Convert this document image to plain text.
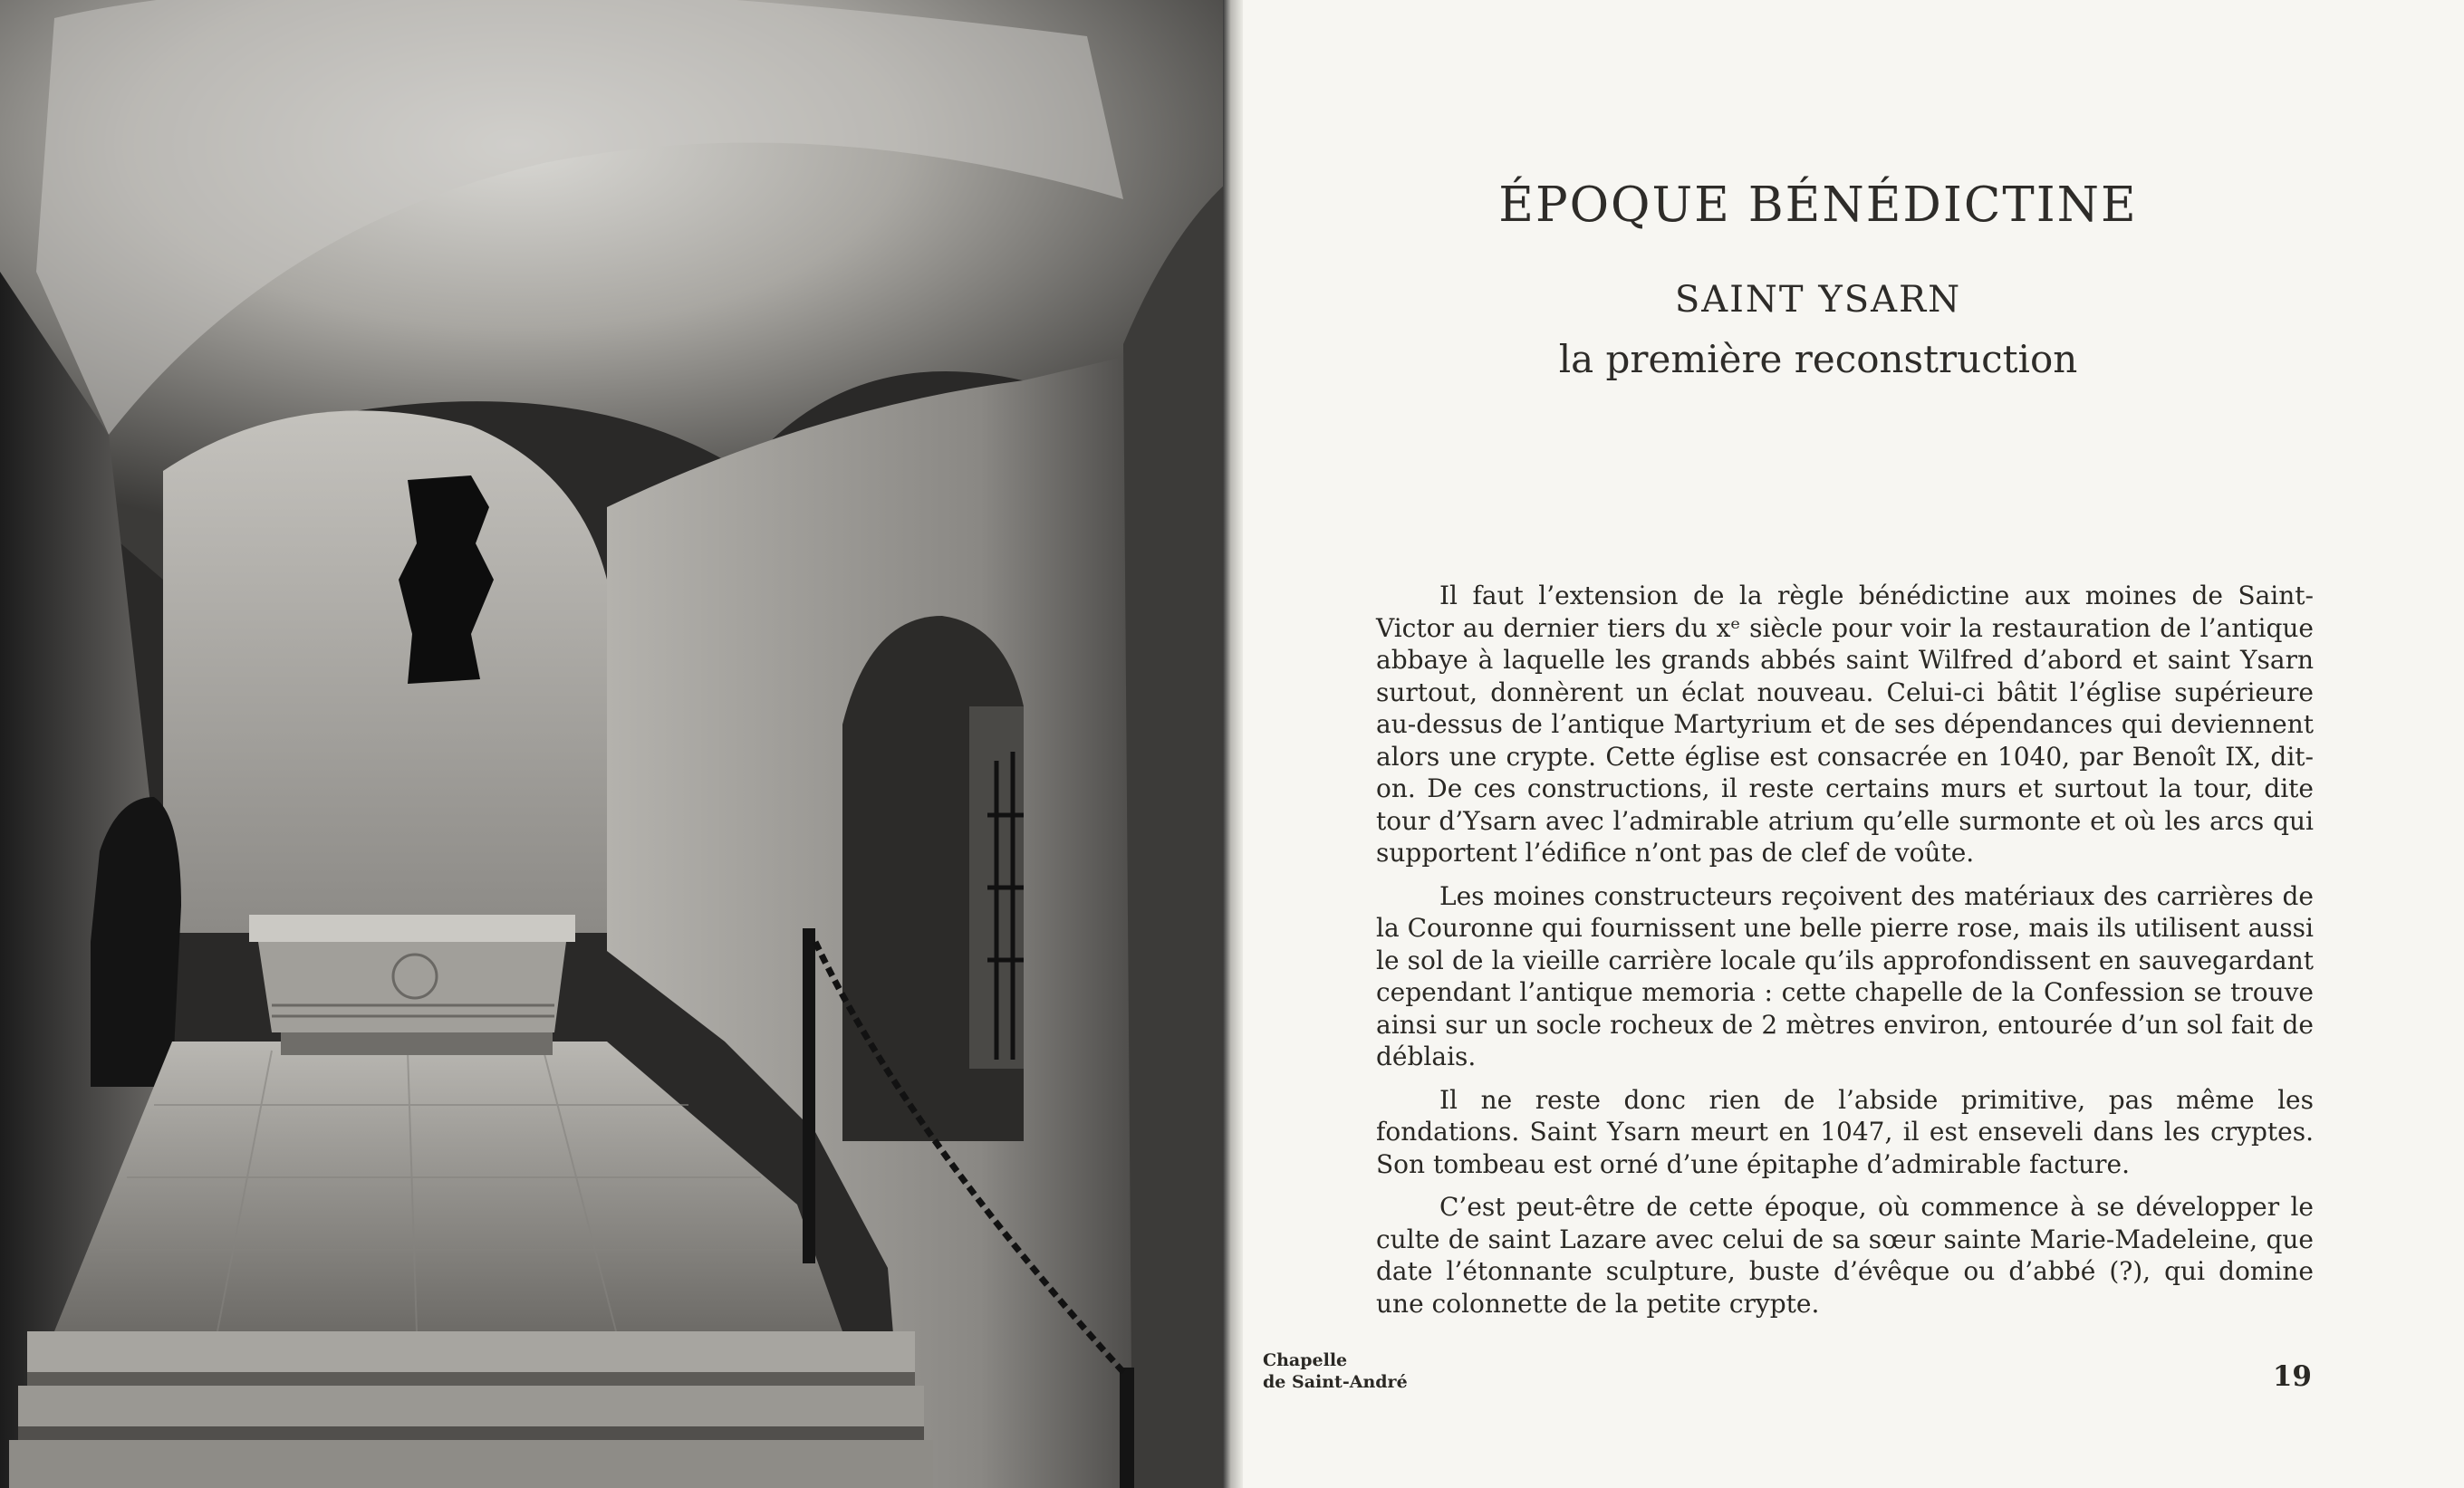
ÉPOQUE BÉNÉDICTINE
SAINT YSARN
la première reconstruction

Il faut l’extension de la règle bénédictine aux moines de Saint-Victor au dernier tiers du xᵉ siècle pour voir la restauration de l’antique abbaye à laquelle les grands abbés saint Wilfred d’abord et saint Ysarn surtout, donnèrent un éclat nouveau. Celui-ci bâtit l’église supérieure au-dessus de l’antique Martyrium et de ses dépendances qui deviennent alors une crypte. Cette église est consacrée en 1040, par Benoît IX, dit-on. De ces constructions, il reste certains murs et surtout la tour, dite tour d’Ysarn avec l’admirable atrium qu’elle surmonte et où les arcs qui supportent l’édifice n’ont pas de clef de voûte.

Les moines constructeurs reçoivent des matériaux des carrières de la Couronne qui fournissent une belle pierre rose, mais ils utilisent aussi le sol de la vieille carrière locale qu’ils approfondissent en sauvegardant cependant l’antique memoria : cette chapelle de la Confession se trouve ainsi sur un socle rocheux de 2 mètres environ, entourée d’un sol fait de déblais.

Il ne reste donc rien de l’abside primitive, pas même les fondations. Saint Ysarn meurt en 1047, il est enseveli dans les cryptes. Son tombeau est orné d’une épitaphe d’admirable facture.

C’est peut-être de cette époque, où commence à se développer le culte de saint Lazare avec celui de sa sœur sainte Marie-Madeleine, que date l’étonnante sculpture, buste d’évêque ou d’abbé (?), qui domine une colonnette de la petite crypte.

Chapelle
de Saint-André	19
